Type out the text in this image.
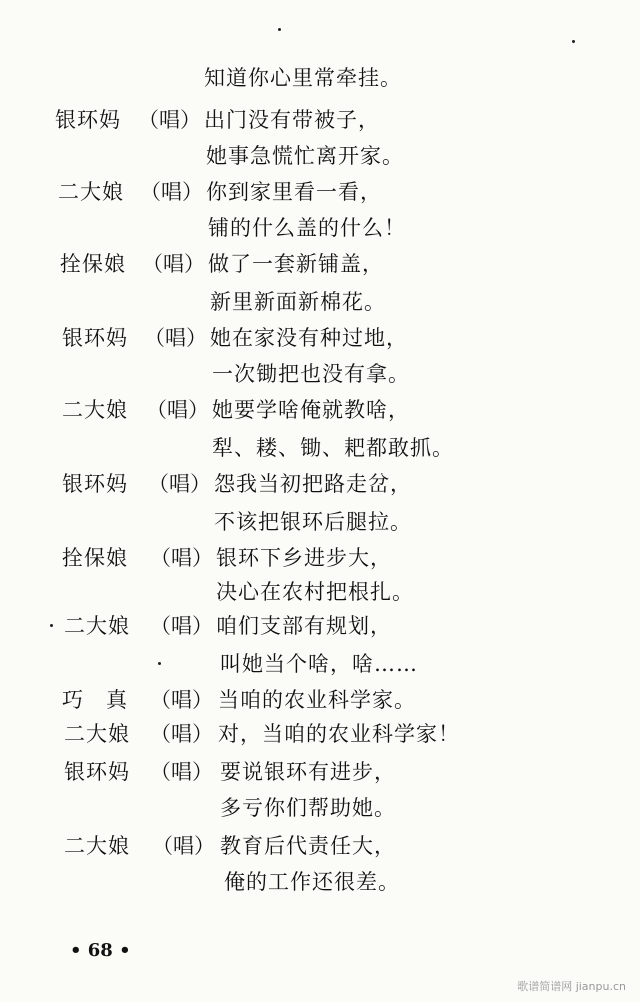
知道你心里常牵挂。
银环妈 （唱） 出门没有带被子，
她事急慌忙离开家。
二大娘 （唱） 你到家里看一看，
铺的什么盖的什么！
拴保娘 （唱） 做了一套新铺盖，
新里新面新棉花。
银环妈 （唱） 她在家没有种过地，
一次锄把也没有拿。
二大娘 （唱） 她要学啥俺就教啥，
犁、耧、锄、耙都敢抓。
银环妈 （唱） 怨我当初把路走岔，
不该把银环后腿拉。
拴保娘 （唱） 银环下乡进步大，
决心在农村把根扎。
二大娘 （唱） 咱们支部有规划，
叫她当个啥，啥……
巧　真 （唱） 当咱的农业科学家。
二大娘 （唱） 对，当咱的农业科学家！
银环妈 （唱） 要说银环有进步，
多亏你们帮助她。
二大娘 （唱） 教育后代责任大，
俺的工作还很差。
• 68 •
歌谱简谱网 jianpu.cn
